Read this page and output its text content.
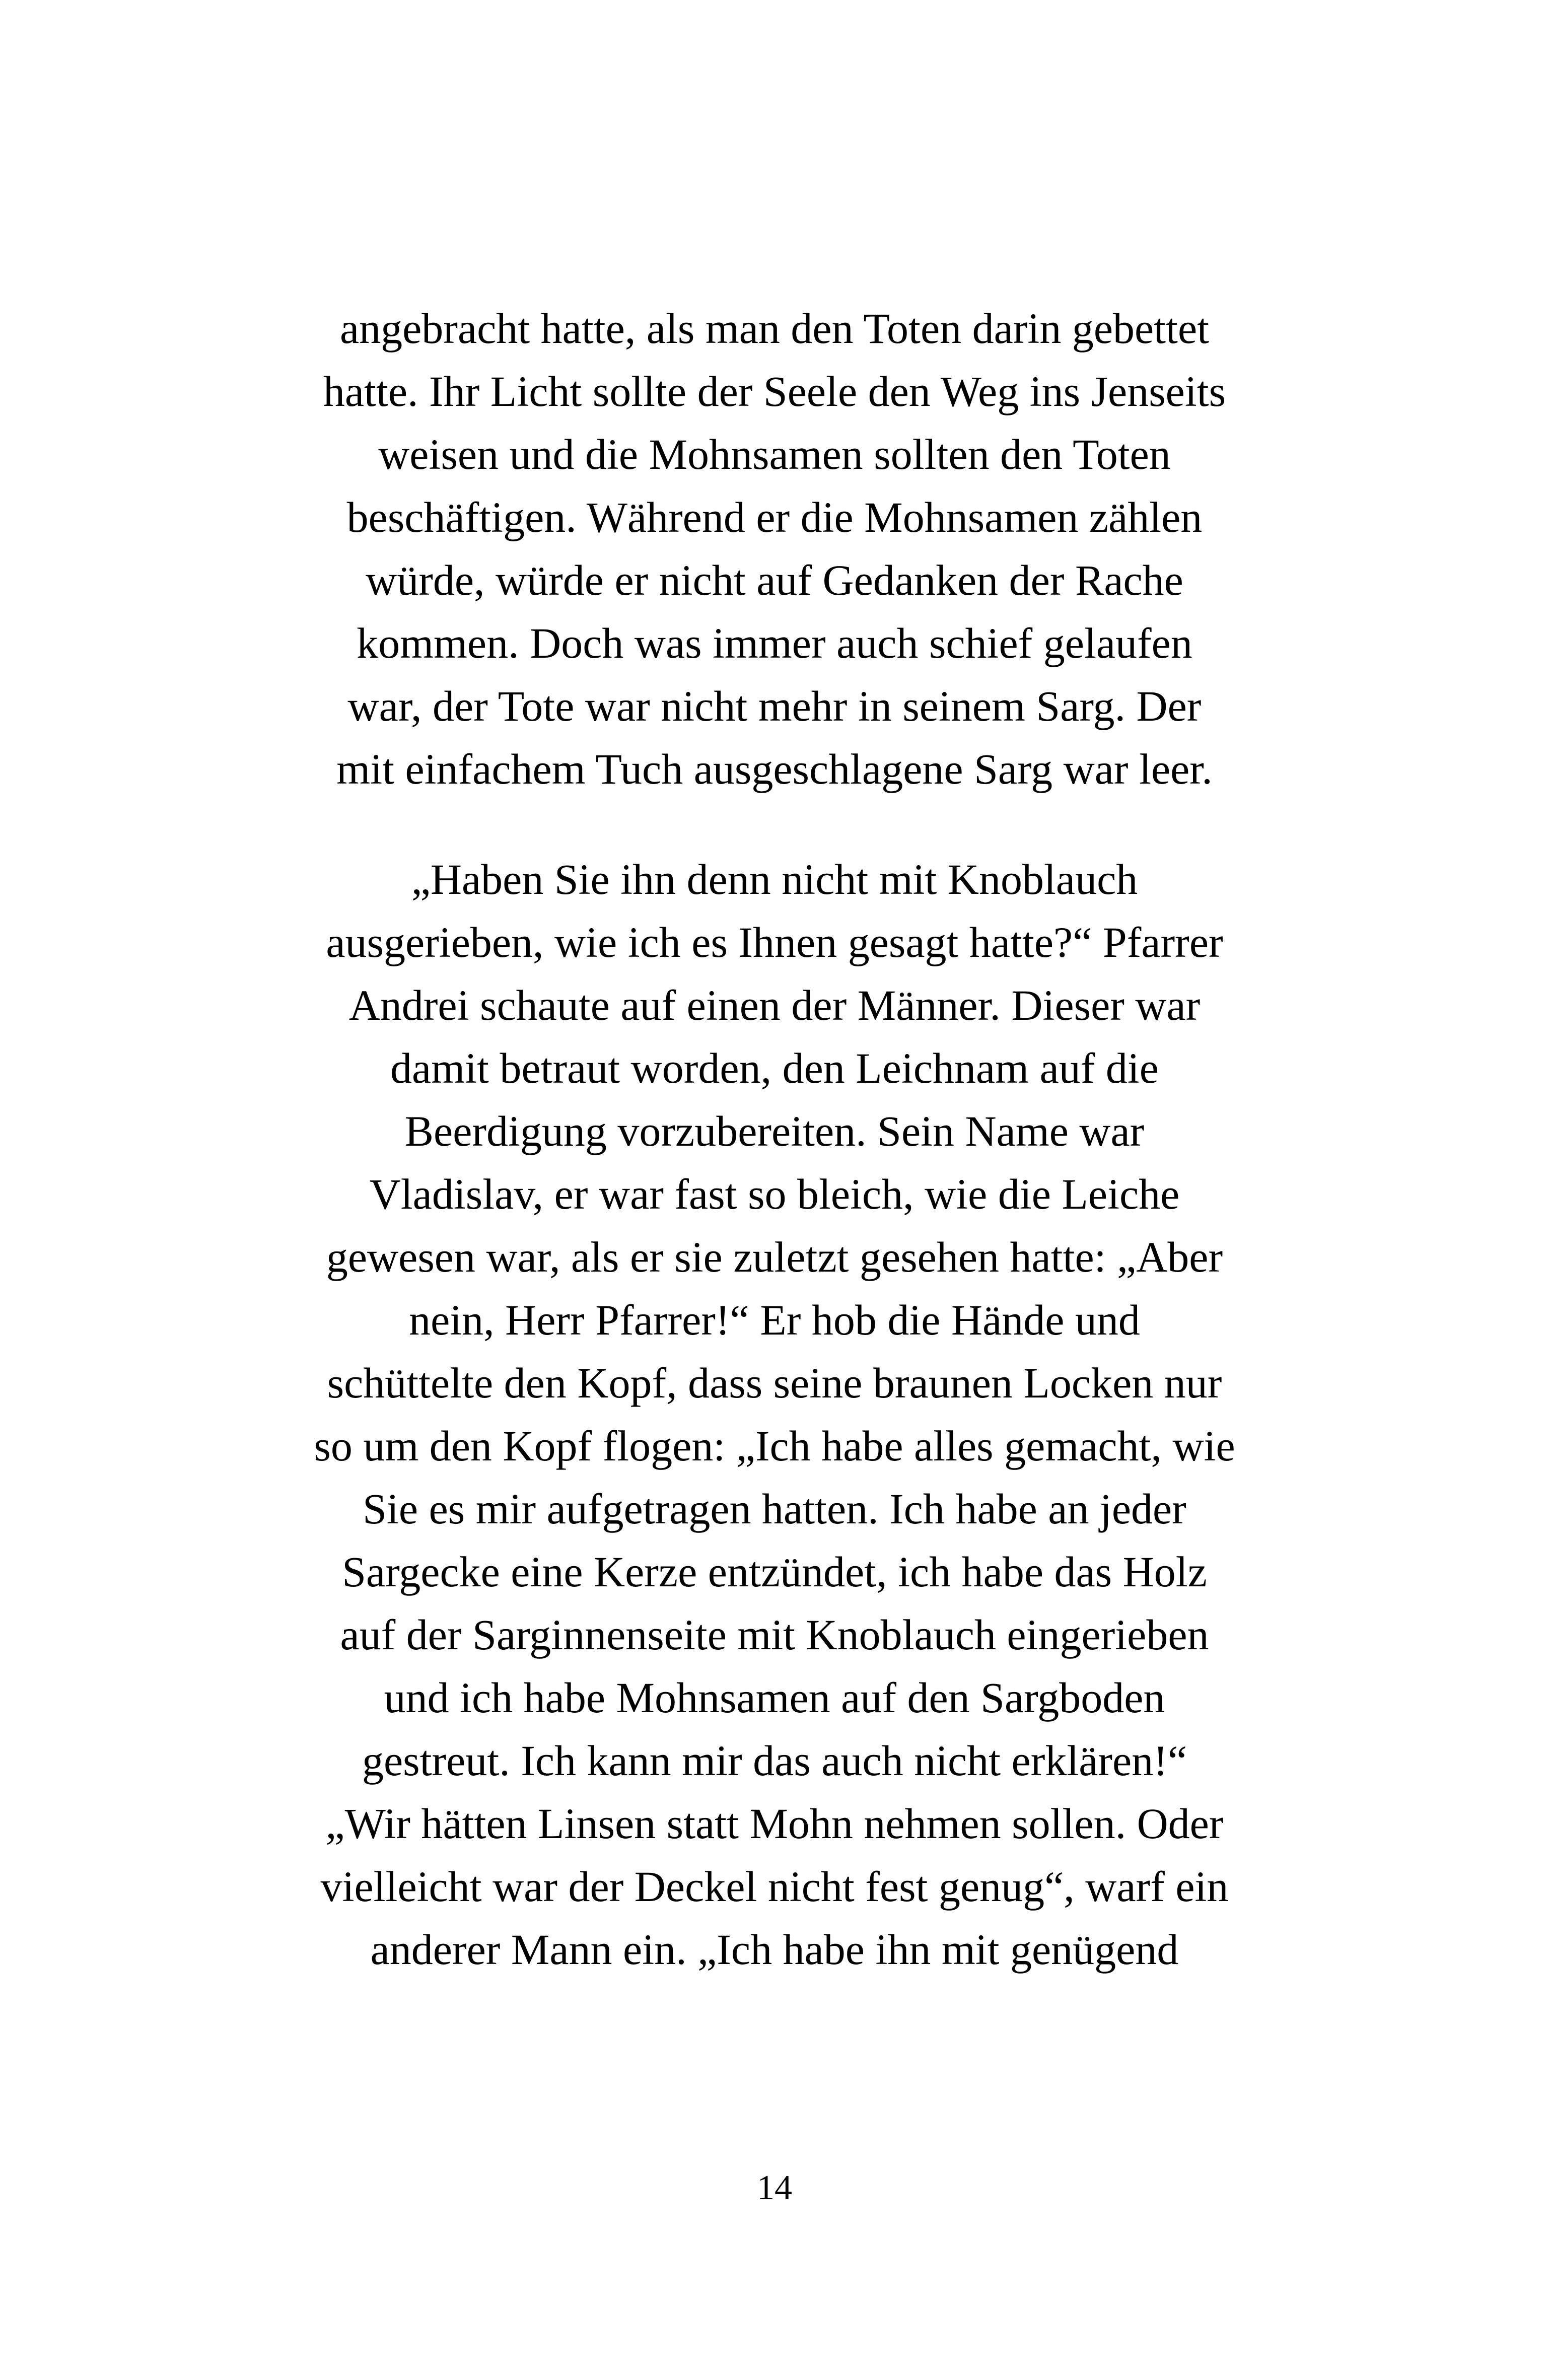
angebracht hatte, als man den Toten darin gebettet
hatte. Ihr Licht sollte der Seele den Weg ins Jenseits
weisen und die Mohnsamen sollten den Toten
beschäftigen. Während er die Mohnsamen zählen
würde, würde er nicht auf Gedanken der Rache
kommen. Doch was immer auch schief gelaufen
war, der Tote war nicht mehr in seinem Sarg. Der
mit einfachem Tuch ausgeschlagene Sarg war leer.
„Haben Sie ihn denn nicht mit Knoblauch
ausgerieben, wie ich es Ihnen gesagt hatte?“ Pfarrer
Andrei schaute auf einen der Männer. Dieser war
damit betraut worden, den Leichnam auf die
Beerdigung vorzubereiten. Sein Name war
Vladislav, er war fast so bleich, wie die Leiche
gewesen war, als er sie zuletzt gesehen hatte: „Aber
nein, Herr Pfarrer!“ Er hob die Hände und
schüttelte den Kopf, dass seine braunen Locken nur
so um den Kopf flogen: „Ich habe alles gemacht, wie
Sie es mir aufgetragen hatten. Ich habe an jeder
Sargecke eine Kerze entzündet, ich habe das Holz
auf der Sarginnenseite mit Knoblauch eingerieben
und ich habe Mohnsamen auf den Sargboden
gestreut. Ich kann mir das auch nicht erklären!“
„Wir hätten Linsen statt Mohn nehmen sollen. Oder
vielleicht war der Deckel nicht fest genug“, warf ein
anderer Mann ein. „Ich habe ihn mit genügend
14
